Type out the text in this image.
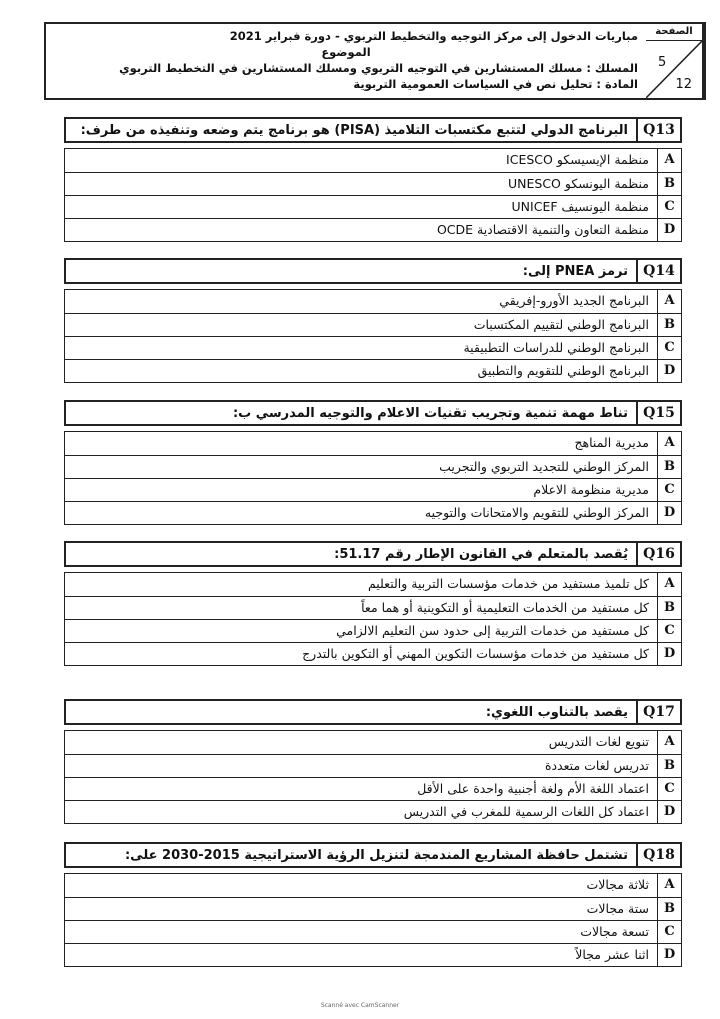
مباريات الدخول إلى مركز التوجيه والتخطيط التربوي - دورة فبراير 2021
الموضوع
المسلك : مسلك المستشارين في التوجيه التربوي ومسلك المستشارين في التخطيط التربوي
المادة : تحليل نص في السياسات العمومية التربوية
الصفحة
5
12
Q13
البرنامج الدولي لتتبع مكتسبات التلاميذ (PISA) هو برنامج يتم وضعه وتنفيذه من طرف:
A
منظمة الإيسيسكو ICESCO
B
منظمة اليونسكو UNESCO
C
منظمة اليونسيف UNICEF
D
منظمة التعاون والتنمية الاقتصادية OCDE
Q14
ترمز PNEA إلى:
A
البرنامج الجديد الأورو-إفريقي
B
البرنامج الوطني لتقييم المكتسبات
C
البرنامج الوطني للدراسات التطبيقية
D
البرنامج الوطني للتقويم والتطبيق
Q15
تناط مهمة تنمية وتجريب تقنيات الاعلام والتوجيه المدرسي ب:
A
مديرية المناهج
B
المركز الوطني للتجديد التربوي والتجريب
C
مديرية منظومة الاعلام
D
المركز الوطني للتقويم والامتحانات والتوجيه
Q16
يُقصد بالمتعلم في القانون الإطار رقم 51.17:
A
كل تلميذ مستفيد من خدمات مؤسسات التربية والتعليم
B
كل مستفيد من الخدمات التعليمية أو التكوينية أو هما معاً
C
كل مستفيد من خدمات التربية إلى حدود سن التعليم الالزامي
D
كل مستفيد من خدمات مؤسسات التكوين المهني أو التكوين بالتدرج
Q17
يقصد بالتناوب اللغوي:
A
تنويع لغات التدريس
B
تدريس لغات متعددة
C
اعتماد اللغة الأم ولغة أجنبية واحدة على الأقل
D
اعتماد كل اللغات الرسمية للمغرب في التدريس
Q18
تشتمل حافظة المشاريع المندمجة لتنزيل الرؤية الاستراتيجية 2015-2030 على:
A
ثلاثة مجالات
B
ستة مجالات
C
تسعة مجالات
D
اثنا عشر مجالاً
Scanné avec CamScanner
